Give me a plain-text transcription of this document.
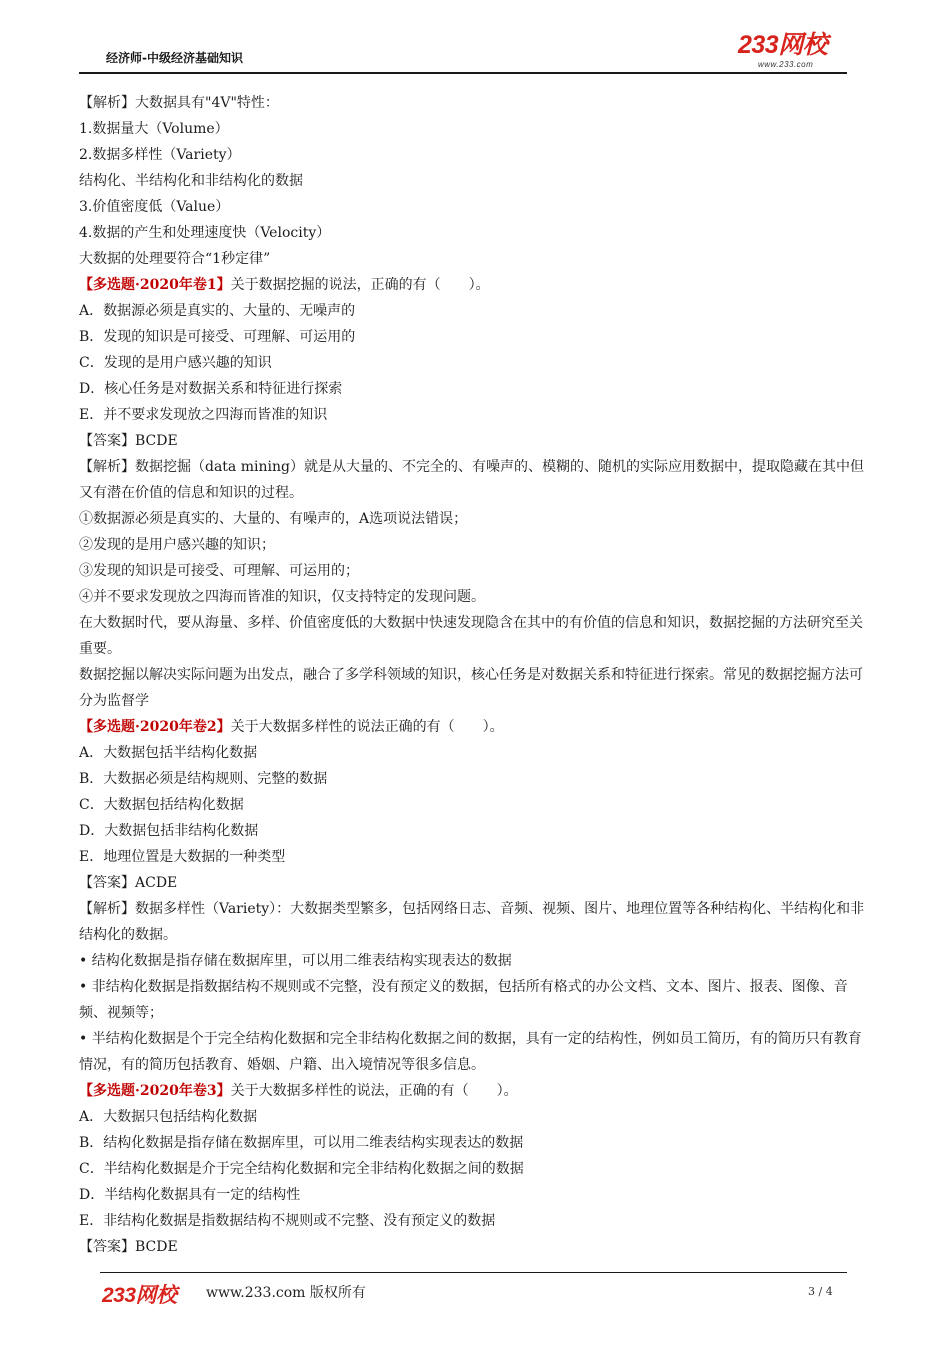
经济师-中级经济基础知识	233网校
www.233.com
【解析】大数据具有"4V"特性：
1.数据量大（Volume）
2.数据多样性（Variety）
结构化、半结构化和非结构化的数据
3.价值密度低（Value）
4.数据的产生和处理速度快（Velocity）
大数据的处理要符合“1秒定律”
【多选题·2020年卷1】关于数据挖掘的说法，正确的有（　　）。
A．数据源必须是真实的、大量的、无噪声的
B．发现的知识是可接受、可理解、可运用的
C．发现的是用户感兴趣的知识
D．核心任务是对数据关系和特征进行探索
E．并不要求发现放之四海而皆准的知识
【答案】BCDE
【解析】数据挖掘（data mining）就是从大量的、不完全的、有噪声的、模糊的、随机的实际应用数据中，提取隐藏在其中但又有潜在价值的信息和知识的过程。
①数据源必须是真实的、大量的、有噪声的，A选项说法错误；
②发现的是用户感兴趣的知识；
③发现的知识是可接受、可理解、可运用的；
④并不要求发现放之四海而皆准的知识，仅支持特定的发现问题。
在大数据时代，要从海量、多样、价值密度低的大数据中快速发现隐含在其中的有价值的信息和知识，数据挖掘的方法研究至关重要。
数据挖掘以解决实际问题为出发点，融合了多学科领域的知识，核心任务是对数据关系和特征进行探索。常见的数据挖掘方法可分为监督学
【多选题·2020年卷2】关于大数据多样性的说法正确的有（　　）。
A．大数据包括半结构化数据
B．大数据必须是结构规则、完整的数据
C．大数据包括结构化数据
D．大数据包括非结构化数据
E．地理位置是大数据的一种类型
【答案】ACDE
【解析】数据多样性（Variety）：大数据类型繁多，包括网络日志、音频、视频、图片、地理位置等各种结构化、半结构化和非结构化的数据。
• 结构化数据是指存储在数据库里，可以用二维表结构实现表达的数据
• 非结构化数据是指数据结构不规则或不完整，没有预定义的数据，包括所有格式的办公文档、文本、图片、报表、图像、音频、视频等；
• 半结构化数据是个于完全结构化数据和完全非结构化数据之间的数据，具有一定的结构性，例如员工简历，有的简历只有教育情况，有的简历包括教育、婚姻、户籍、出入境情况等很多信息。
【多选题·2020年卷3】关于大数据多样性的说法，正确的有（　　）。
A．大数据只包括结构化数据
B．结构化数据是指存储在数据库里，可以用二维表结构实现表达的数据
C．半结构化数据是介于完全结构化数据和完全非结构化数据之间的数据
D．半结构化数据具有一定的结构性
E．非结构化数据是指数据结构不规则或不完整、没有预定义的数据
【答案】BCDE
233网校 www.233.com 版权所有	3 / 4
